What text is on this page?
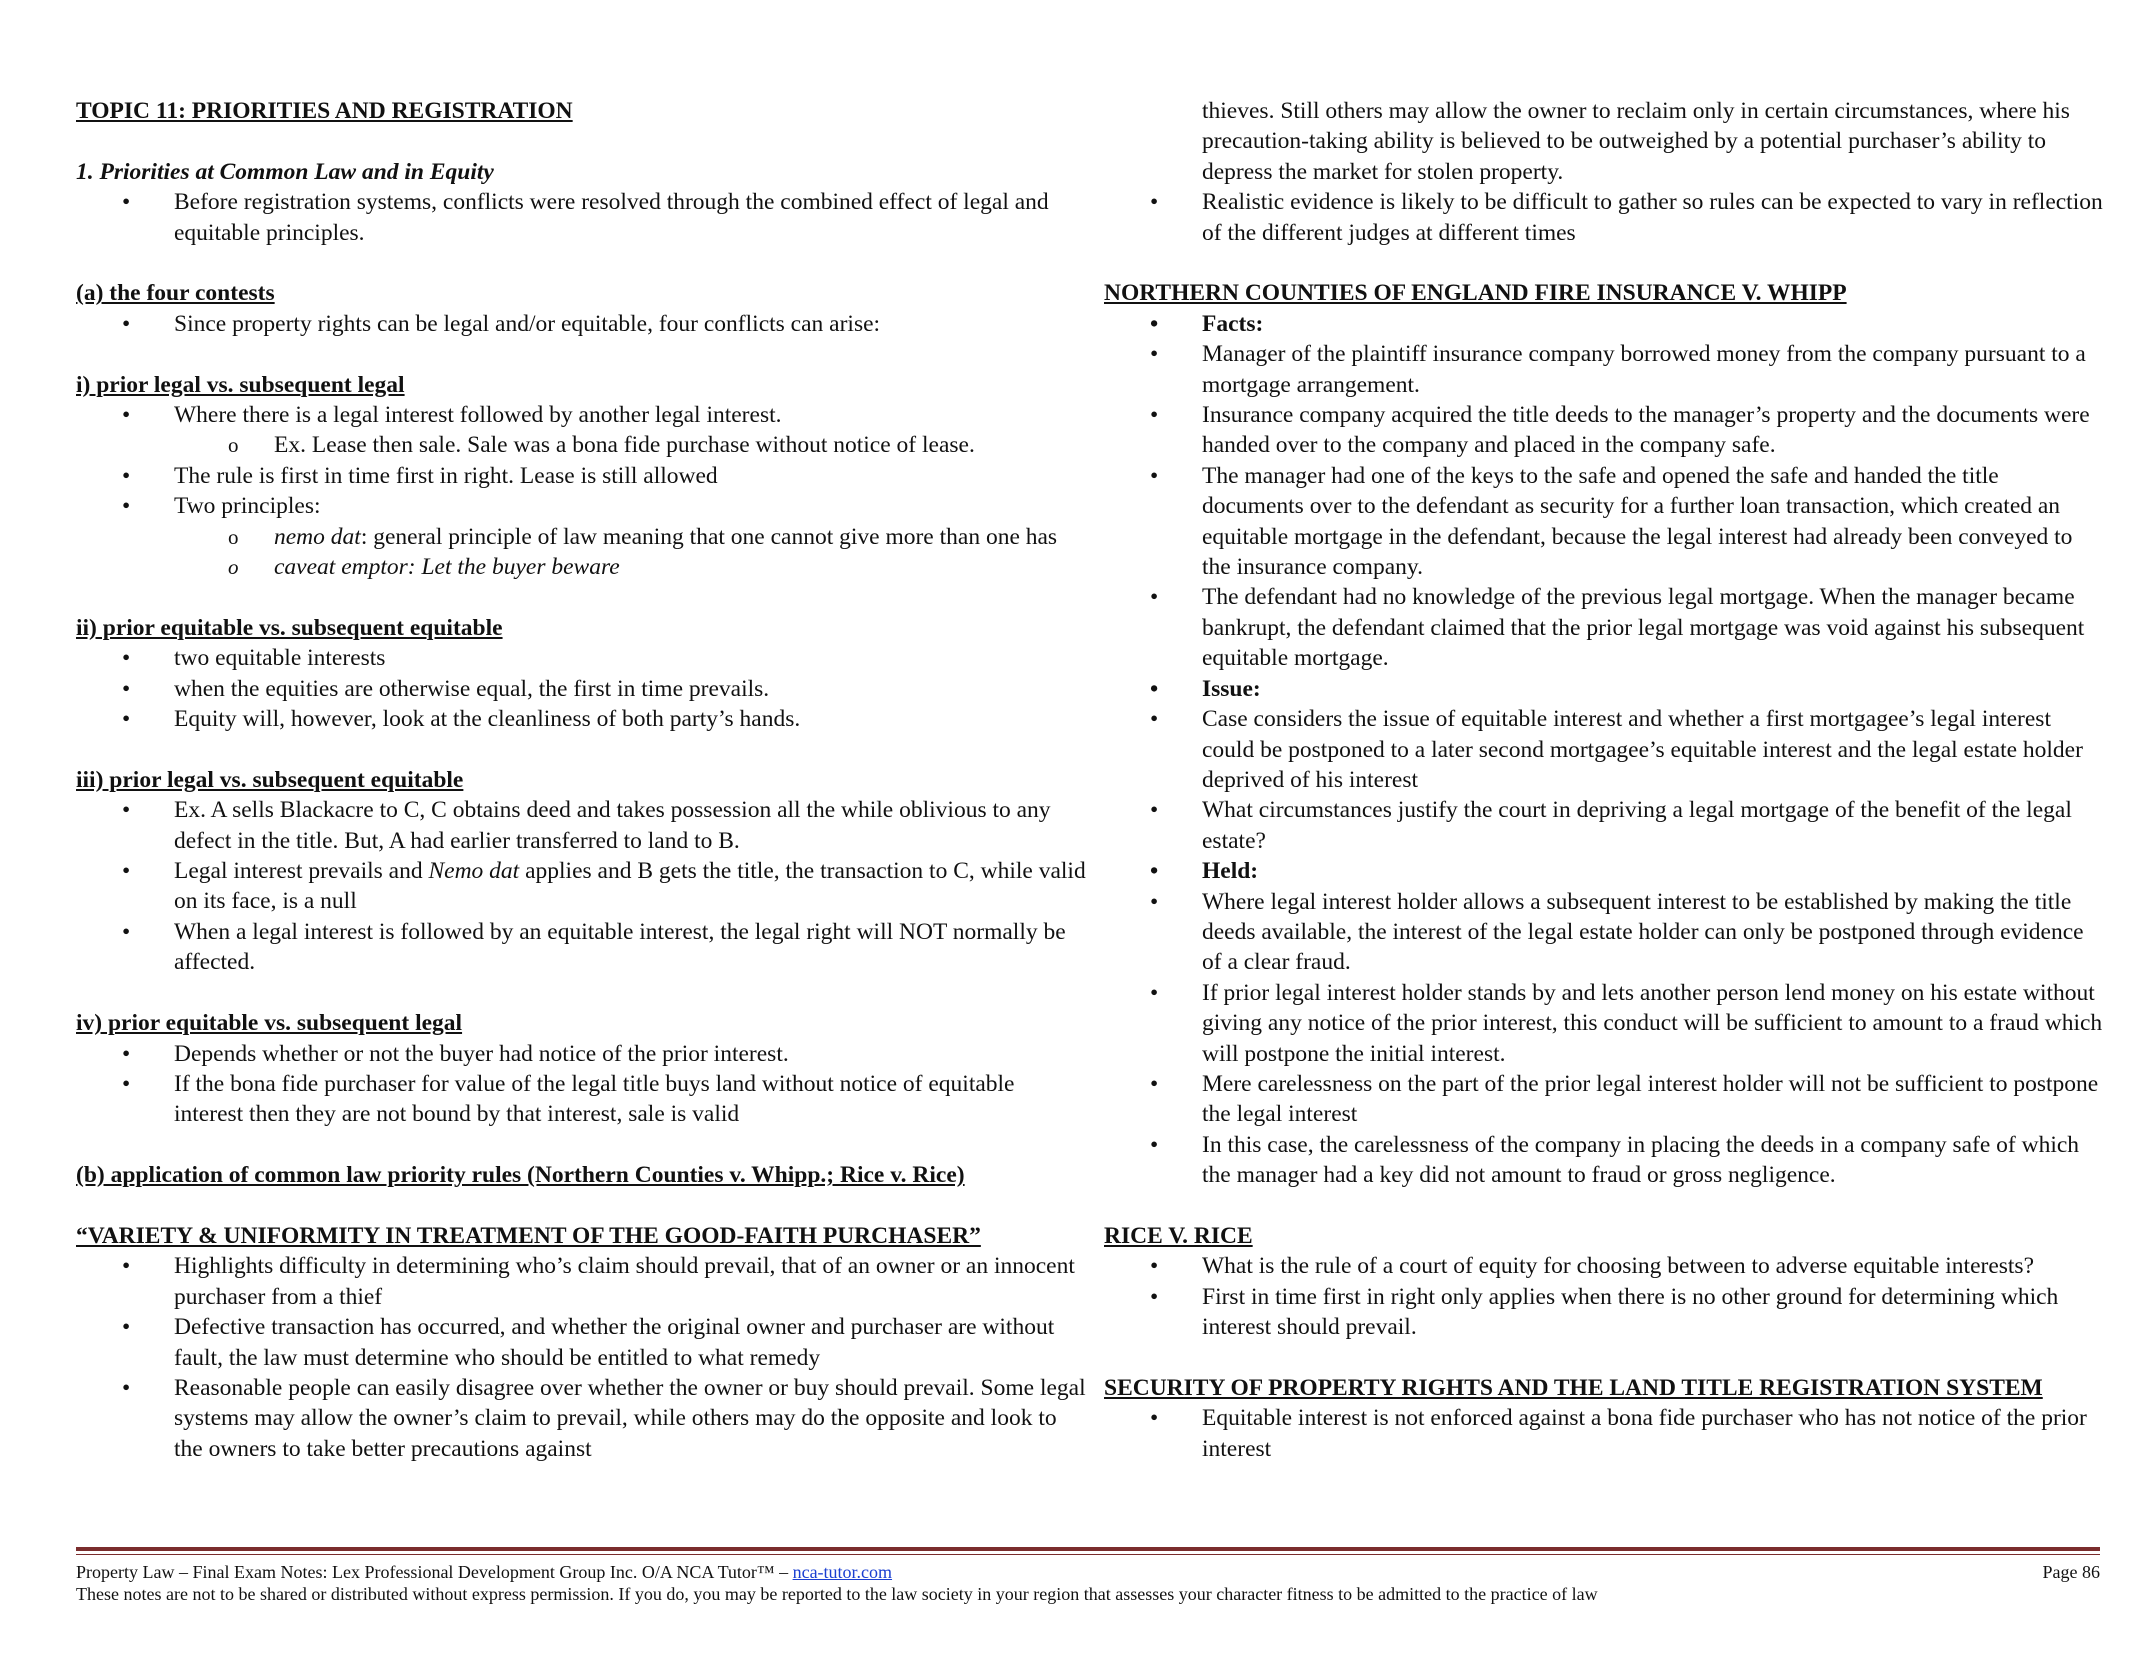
TOPIC 11: PRIORITIES AND REGISTRATION
1. Priorities at Common Law and in Equity
• Before registration systems, conflicts were resolved through the combined effect of legal and equitable principles.
(a) the four contests
• Since property rights can be legal and/or equitable, four conflicts can arise:
i) prior legal vs. subsequent legal
• Where there is a legal interest followed by another legal interest.
o Ex. Lease then sale. Sale was a bona fide purchase without notice of lease.
• The rule is first in time first in right. Lease is still allowed
• Two principles:
o nemo dat: general principle of law meaning that one cannot give more than one has
o caveat emptor: Let the buyer beware
ii) prior equitable vs. subsequent equitable
• two equitable interests
• when the equities are otherwise equal, the first in time prevails.
• Equity will, however, look at the cleanliness of both party’s hands.
iii) prior legal vs. subsequent equitable
• Ex. A sells Blackacre to C, C obtains deed and takes possession all the while oblivious to any defect in the title. But, A had earlier transferred to land to B.
• Legal interest prevails and Nemo dat applies and B gets the title, the transaction to C, while valid on its face, is a null
• When a legal interest is followed by an equitable interest, the legal right will NOT normally be affected.
iv) prior equitable vs. subsequent legal
• Depends whether or not the buyer had notice of the prior interest.
• If the bona fide purchaser for value of the legal title buys land without notice of equitable interest then they are not bound by that interest, sale is valid
(b) application of common law priority rules (Northern Counties v. Whipp.; Rice v. Rice)
“VARIETY & UNIFORMITY IN TREATMENT OF THE GOOD-FAITH PURCHASER”
• Highlights difficulty in determining who’s claim should prevail, that of an owner or an innocent purchaser from a thief
• Defective transaction has occurred, and whether the original owner and purchaser are without fault, the law must determine who should be entitled to what remedy
• Reasonable people can easily disagree over whether the owner or buy should prevail. Some legal systems may allow the owner’s claim to prevail, while others may do the opposite and look to the owners to take better precautions against
thieves. Still others may allow the owner to reclaim only in certain circumstances, where his precaution-taking ability is believed to be outweighed by a potential purchaser’s ability to depress the market for stolen property.
• Realistic evidence is likely to be difficult to gather so rules can be expected to vary in reflection of the different judges at different times
NORTHERN COUNTIES OF ENGLAND FIRE INSURANCE V. WHIPP
• Facts:
• Manager of the plaintiff insurance company borrowed money from the company pursuant to a mortgage arrangement.
• Insurance company acquired the title deeds to the manager’s property and the documents were handed over to the company and placed in the company safe.
• The manager had one of the keys to the safe and opened the safe and handed the title documents over to the defendant as security for a further loan transaction, which created an equitable mortgage in the defendant, because the legal interest had already been conveyed to the insurance company.
• The defendant had no knowledge of the previous legal mortgage. When the manager became bankrupt, the defendant claimed that the prior legal mortgage was void against his subsequent equitable mortgage.
• Issue:
• Case considers the issue of equitable interest and whether a first mortgagee’s legal interest could be postponed to a later second mortgagee’s equitable interest and the legal estate holder deprived of his interest
• What circumstances justify the court in depriving a legal mortgage of the benefit of the legal estate?
• Held:
• Where legal interest holder allows a subsequent interest to be established by making the title deeds available, the interest of the legal estate holder can only be postponed through evidence of a clear fraud.
• If prior legal interest holder stands by and lets another person lend money on his estate without giving any notice of the prior interest, this conduct will be sufficient to amount to a fraud which will postpone the initial interest.
• Mere carelessness on the part of the prior legal interest holder will not be sufficient to postpone the legal interest
• In this case, the carelessness of the company in placing the deeds in a company safe of which the manager had a key did not amount to fraud or gross negligence.
RICE V. RICE
• What is the rule of a court of equity for choosing between to adverse equitable interests?
• First in time first in right only applies when there is no other ground for determining which interest should prevail.
SECURITY OF PROPERTY RIGHTS AND THE LAND TITLE REGISTRATION SYSTEM
• Equitable interest is not enforced against a bona fide purchaser who has not notice of the prior interest
Property Law – Final Exam Notes: Lex Professional Development Group Inc. O/A NCA Tutor™ – nca-tutor.com	Page 86
These notes are not to be shared or distributed without express permission. If you do, you may be reported to the law society in your region that assesses your character fitness to be admitted to the practice of law
